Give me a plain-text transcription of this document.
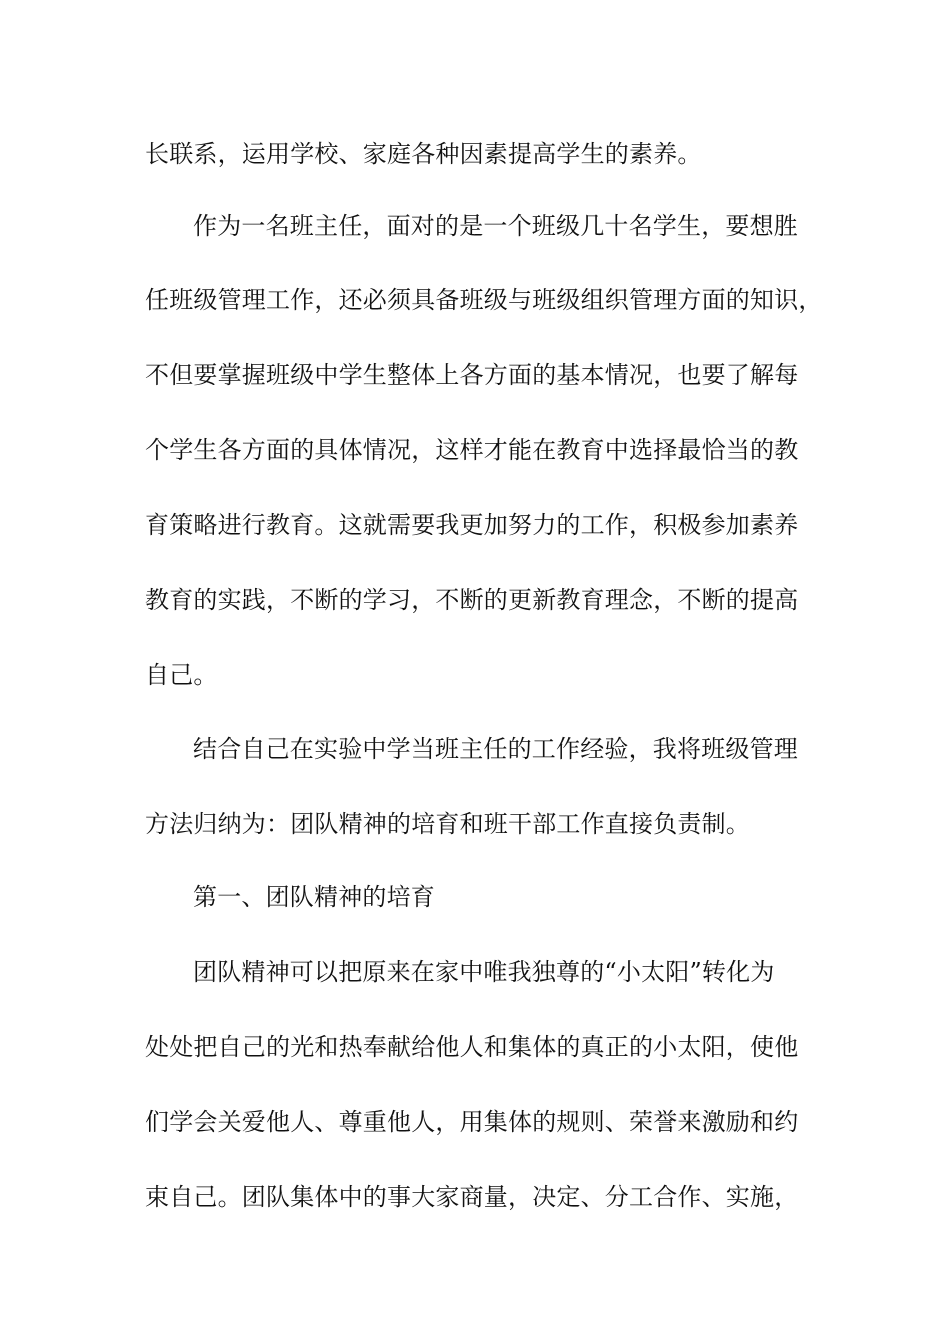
长联系，运用学校、家庭各种因素提高学生的素养。
作为一名班主任，面对的是一个班级几十名学生，要想胜
任班级管理工作，还必须具备班级与班级组织管理方面的知识，
不但要掌握班级中学生整体上各方面的基本情况，也要了解每
个学生各方面的具体情况，这样才能在教育中选择最恰当的教
育策略进行教育。这就需要我更加努力的工作，积极参加素养
教育的实践，不断的学习，不断的更新教育理念，不断的提高
自己。
结合自己在实验中学当班主任的工作经验，我将班级管理
方法归纳为：团队精神的培育和班干部工作直接负责制。
第一、团队精神的培育
团队精神可以把原来在家中唯我独尊的“小太阳”转化为
处处把自己的光和热奉献给他人和集体的真正的小太阳，使他
们学会关爱他人、尊重他人，用集体的规则、荣誉来激励和约
束自己。团队集体中的事大家商量，决定、分工合作、实施，
